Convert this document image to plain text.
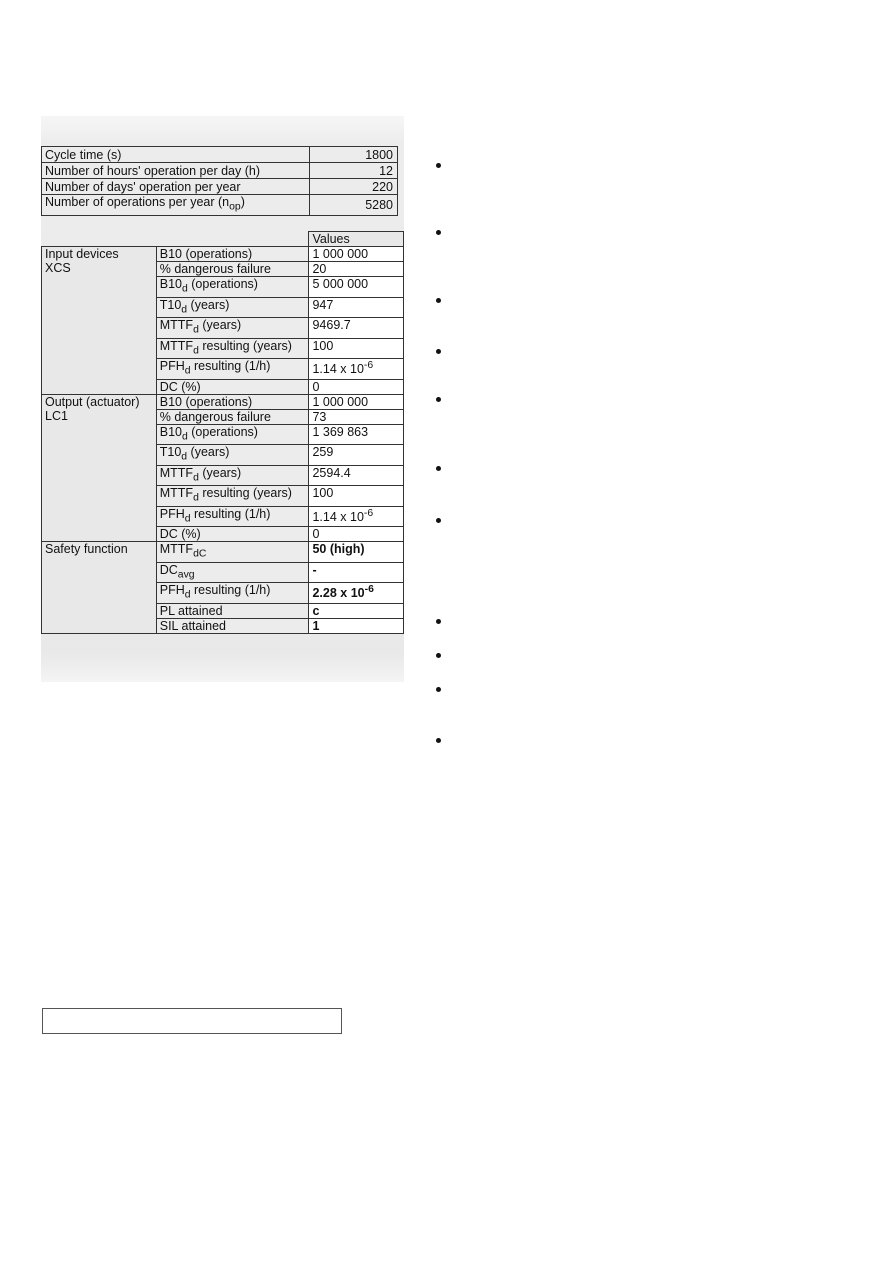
Cycle time (s)	1800
Number of hours' operation per day (h)	12
Number of days' operation per year	220
Number of operations per year $(n_{op})$	5280
		Values

Input devices
XCS	B10 (operations)	1 000 000
	% dangerous failure	20
	$B10_d$ (operations)	5 000 000
	$T10_d$ (years)	947
	$MTTF_d$ (years)	9469.7
	$MTTF_d$ resulting (years)	100
	$PFH_d$ resulting (1/h)	1.14 x $10^{-6}$
	DC (%)	0

Output (actuator)
LC1	B10 (operations)	1 000 000
	% dangerous failure	73
	$B10_d$ (operations)	1 369 863
	$T10_d$ (years)	259
	$MTTF_d$ (years)	2594.4
	$MTTF_d$ resulting (years)	100
	$PFH_d$ resulting (1/h)	1.14 x $10^{-6}$
	DC (%)	0

Safety function	$MTTF_{dC}$	50 (high)
	$DC_{avg}$	-
	$PFH_d$ resulting (1/h)	2.28 x $10^{-6}$
	PL attained	c
	SIL attained	1
